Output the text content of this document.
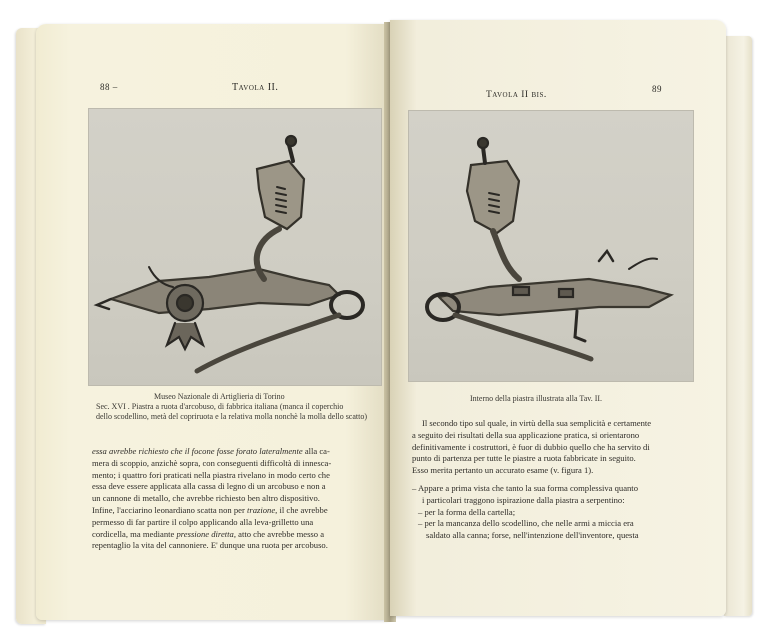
88 –	Tavola II.
Museo Nazionale di Artiglieria di Torino
Sec. XVI . Piastra a ruota d'arcobuso, di fabbrica italiana (manca il coperchio
dello scodellino, metà del copriruota e la relativa molla nonchè la molla dello scatto)

essa avrebbe richiesto che il focone fosse forato lateralmente alla ca-

mera di scoppio, anzichè sopra, con conseguenti difficoltà di innesca-

mento; i quattro fori praticati nella piastra rivelano in modo certo che

essa deve essere applicata alla cassa di legno di un arcobuso e non a

un cannone di metallo, che avrebbe richiesto ben altro dispositivo.

Infine, l'acciarino leonardiano scatta non per trazione, il che avrebbe

permesso di far partire il colpo applicando alla leva-grilletto una

cordicella, ma mediante pressione diretta, atto che avrebbe messo a

repentaglio la vita del cannoniere. E' dunque una ruota per arcobuso.

Tavola II bis.
89
Interno della piastra illustrata alla Tav. II.

Il secondo tipo sul quale, in virtù della sua semplicità e certamente

a seguito dei risultati della sua applicazione pratica, si orientarono

definitivamente i costruttori, è fuor di dubbio quello che ha servito di

punto di partenza per tutte le piastre a ruota fabbricate in seguito.

Esso merita pertanto un accurato esame (v. figura 1).

– Appare a prima vista che tanto la sua forma complessiva quanto

i particolari traggono ispirazione dalla piastra a serpentino:

– per la forma della cartella;

– per la mancanza dello scodellino, che nelle armi a miccia era

saldato alla canna; forse, nell'intenzione dell'inventore, questa
